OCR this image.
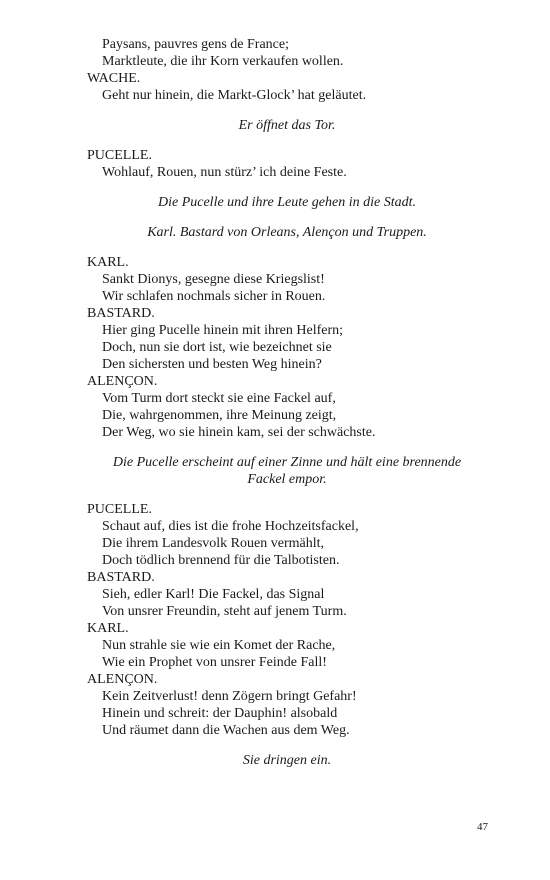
Paysans, pauvres gens de France;

Marktleute, die ihr Korn verkaufen wollen.

WACHE.

Geht nur hinein, die Markt-Glock’ hat geläutet.

Er öffnet das Tor.

PUCELLE.

Wohlauf, Rouen, nun stürz’ ich deine Feste.

Die Pucelle und ihre Leute gehen in die Stadt.

Karl. Bastard von Orleans, Alençon und Truppen.

KARL.

Sankt Dionys, gesegne diese Kriegslist!

Wir schlafen nochmals sicher in Rouen.

BASTARD.

Hier ging Pucelle hinein mit ihren Helfern;

Doch, nun sie dort ist, wie bezeichnet sie

Den sichersten und besten Weg hinein?

ALENÇON.

Vom Turm dort steckt sie eine Fackel auf,

Die, wahrgenommen, ihre Meinung zeigt,

Der Weg, wo sie hinein kam, sei der schwächste.

Die Pucelle erscheint auf einer Zinne und hält eine brennende

Fackel empor.

PUCELLE.

Schaut auf, dies ist die frohe Hochzeitsfackel,

Die ihrem Landesvolk Rouen vermählt,

Doch tödlich brennend für die Talbotisten.

BASTARD.

Sieh, edler Karl! Die Fackel, das Signal

Von unsrer Freundin, steht auf jenem Turm.

KARL.

Nun strahle sie wie ein Komet der Rache,

Wie ein Prophet von unsrer Feinde Fall!

ALENÇON.

Kein Zeitverlust! denn Zögern bringt Gefahr!

Hinein und schreit: der Dauphin! alsobald

Und räumet dann die Wachen aus dem Weg.

Sie dringen ein.

47
